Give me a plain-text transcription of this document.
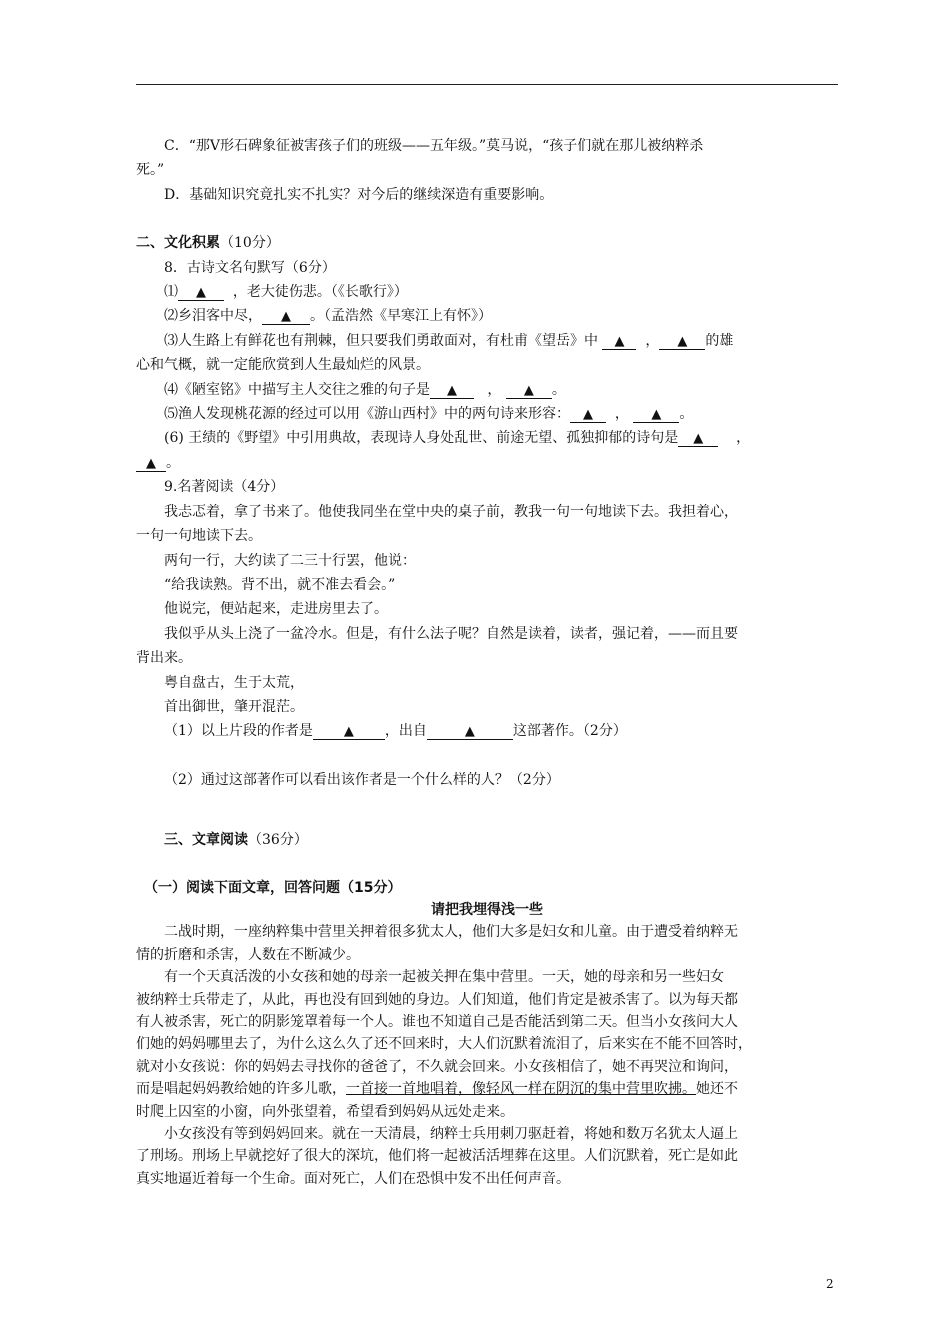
C．“那Ⅴ形石碑象征被害孩子们的班级——五年级。”莫马说，“孩子们就在那儿被纳粹杀
死。”
D．基础知识究竟扎实不扎实？对今后的继续深造有重要影响。
二、文化积累（10分）
8．古诗文名句默写（6分）
⑴ ▲ ，老大徒伤悲。（《长歌行》）
⑵乡泪客中尽， ▲ 。（孟浩然《早寒江上有怀》）
⑶人生路上有鲜花也有荆棘，但只要我们勇敢面对，有杜甫《望岳》中 ▲ ， ▲ 的雄
心和气概，就一定能欣赏到人生最灿烂的风景。
⑷《陋室铭》中描写主人交往之雅的句子是 ▲ ， ▲ 。
⑸渔人发现桃花源的经过可以用《游山西村》中的两句诗来形容： ▲ ， ▲ 。
(6) 王绩的《野望》中引用典故，表现诗人身处乱世、前途无望、孤独抑郁的诗句是 ▲ ，
▲ 。
9.名著阅读（4分）
我忐忑着，拿了书来了。他使我同坐在堂中央的桌子前，教我一句一句地读下去。我担着心，
一句一句地读下去。
两句一行，大约读了二三十行罢，他说：
“给我读熟。背不出，就不准去看会。”
他说完，便站起来，走进房里去了。
我似乎从头上浇了一盆冷水。但是，有什么法子呢？自然是读着，读者，强记着，——而且要
背出来。
粤自盘古，生于太荒，
首出御世，肇开混茫。
（1）以上片段的作者是 ▲ ，出自	▲	这部著作。（2分）
（2）通过这部著作可以看出该作者是一个什么样的人？（2分）
三、文章阅读（36分）
（一）阅读下面文章，回答问题（15分）
请把我埋得浅一些
二战时期，一座纳粹集中营里关押着很多犹太人，他们大多是妇女和儿童。由于遭受着纳粹无
情的折磨和杀害，人数在不断减少。
有一个天真活泼的小女孩和她的母亲一起被关押在集中营里。一天，她的母亲和另一些妇女
被纳粹士兵带走了，从此，再也没有回到她的身边。人们知道，他们肯定是被杀害了。以为每天都
有人被杀害，死亡的阴影笼罩着每一个人。谁也不知道自己是否能活到第二天。但当小女孩问大人
们她的妈妈哪里去了，为什么这么久了还不回来时，大人们沉默着流泪了，后来实在不能不回答时，
就对小女孩说：你的妈妈去寻找你的爸爸了，不久就会回来。小女孩相信了，她不再哭泣和询问，
而是唱起妈妈教给她的许多儿歌，一首接一首地唱着，像轻风一样在阴沉的集中营里吹拂。她还不
时爬上囚室的小窗，向外张望着，希望看到妈妈从远处走来。
小女孩没有等到妈妈回来。就在一天清晨，纳粹士兵用刺刀驱赶着，将她和数万名犹太人逼上
了刑场。刑场上早就挖好了很大的深坑，他们将一起被活活埋葬在这里。人们沉默着，死亡是如此
真实地逼近着每一个生命。面对死亡，人们在恐惧中发不出任何声音。
2
